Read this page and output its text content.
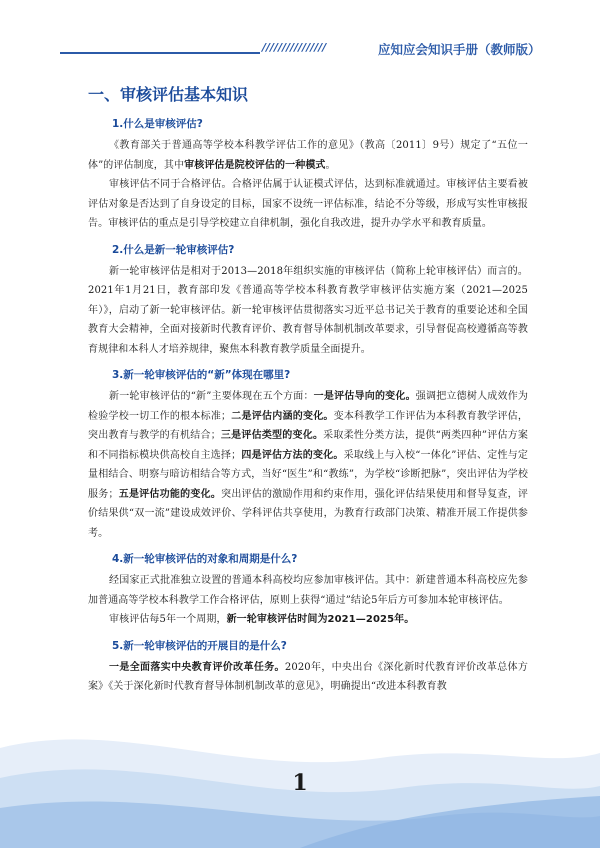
////////////////	应知应会知识手册（教师版）
一、审核评估基本知识
1.什么是审核评估?

《教育部关于普通高等学校本科教学评估工作的意见》（教高〔2011〕9号）规定了“五位一体”的评估制度，其中审核评估是院校评估的一种模式。

审核评估不同于合格评估。合格评估属于认证模式评估，达到标准就通过。审核评估主要看被评估对象是否达到了自身设定的目标，国家不设统一评估标准，结论不分等级，形成写实性审核报告。审核评估的重点是引导学校建立自律机制，强化自我改进，提升办学水平和教育质量。

2.什么是新一轮审核评估?

新一轮审核评估是相对于2013—2018年组织实施的审核评估（简称上轮审核评估）而言的。2021年1月21日，教育部印发《普通高等学校本科教育教学审核评估实施方案（2021—2025年）》，启动了新一轮审核评估。新一轮审核评估贯彻落实习近平总书记关于教育的重要论述和全国教育大会精神，全面对接新时代教育评价、教育督导体制机制改革要求，引导督促高校遵循高等教育规律和本科人才培养规律，聚焦本科教育教学质量全面提升。

3.新一轮审核评估的“新”体现在哪里?

新一轮审核评估的“新”主要体现在五个方面：一是评估导向的变化。强调把立德树人成效作为检验学校一切工作的根本标准；二是评估内涵的变化。变本科教学工作评估为本科教育教学评估，突出教育与教学的有机结合；三是评估类型的变化。采取柔性分类方法，提供“两类四种”评估方案和不同指标模块供高校自主选择；四是评估方法的变化。采取线上与入校“一体化”评估、定性与定量相结合、明察与暗访相结合等方式，当好“医生”和“教练”，为学校“诊断把脉”，突出评估为学校服务；五是评估功能的变化。突出评估的激励作用和约束作用，强化评估结果使用和督导复查，评价结果供“双一流”建设成效评价、学科评估共享使用，为教育行政部门决策、精准开展工作提供参考。

4.新一轮审核评估的对象和周期是什么?

经国家正式批准独立设置的普通本科高校均应参加审核评估。其中：新建普通本科高校应先参加普通高等学校本科教学工作合格评估，原则上获得“通过”结论5年后方可参加本轮审核评估。

审核评估每5年一个周期，新一轮审核评估时间为2021—2025年。

5.新一轮审核评估的开展目的是什么?

一是全面落实中央教育评价改革任务。2020年，中央出台《深化新时代教育评价改革总体方案》《关于深化新时代教育督导体制机制改革的意见》，明确提出“改进本科教育教

1
